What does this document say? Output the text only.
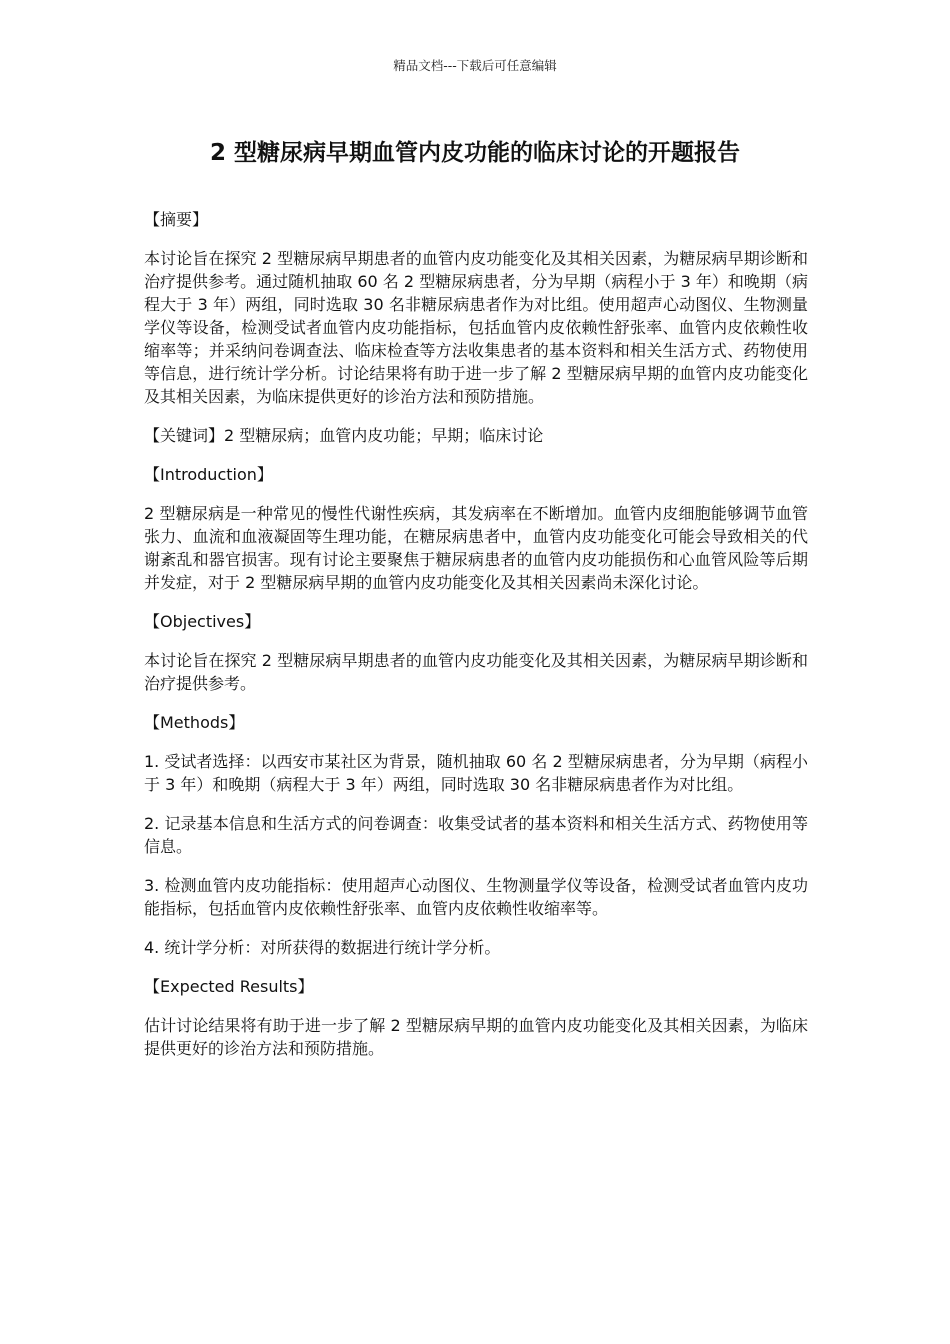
精品文档---下载后可任意编辑
2 型糖尿病早期血管内皮功能的临床讨论的开题报告

【摘要】

本讨论旨在探究 2 型糖尿病早期患者的血管内皮功能变化及其相关因素，为糖尿病早期诊断和治疗提供参考。通过随机抽取 60 名 2 型糖尿病患者，分为早期（病程小于 3 年）和晚期（病程大于 3 年）两组，同时选取 30 名非糖尿病患者作为对比组。使用超声心动图仪、生物测量学仪等设备，检测受试者血管内皮功能指标，包括血管内皮依赖性舒张率、血管内皮依赖性收缩率等；并采纳问卷调查法、临床检查等方法收集患者的基本资料和相关生活方式、药物使用等信息，进行统计学分析。讨论结果将有助于进一步了解 2 型糖尿病早期的血管内皮功能变化及其相关因素，为临床提供更好的诊治方法和预防措施。

【关键词】2 型糖尿病；血管内皮功能；早期；临床讨论

【Introduction】

2 型糖尿病是一种常见的慢性代谢性疾病，其发病率在不断增加。血管内皮细胞能够调节血管张力、血流和血液凝固等生理功能，在糖尿病患者中，血管内皮功能变化可能会导致相关的代谢紊乱和器官损害。现有讨论主要聚焦于糖尿病患者的血管内皮功能损伤和心血管风险等后期并发症，对于 2 型糖尿病早期的血管内皮功能变化及其相关因素尚未深化讨论。

【Objectives】

本讨论旨在探究 2 型糖尿病早期患者的血管内皮功能变化及其相关因素，为糖尿病早期诊断和治疗提供参考。

【Methods】

1. 受试者选择：以西安市某社区为背景，随机抽取 60 名 2 型糖尿病患者，分为早期（病程小于 3 年）和晚期（病程大于 3 年）两组，同时选取 30 名非糖尿病患者作为对比组。

2. 记录基本信息和生活方式的问卷调查：收集受试者的基本资料和相关生活方式、药物使用等信息。

3. 检测血管内皮功能指标：使用超声心动图仪、生物测量学仪等设备，检测受试者血管内皮功能指标，包括血管内皮依赖性舒张率、血管内皮依赖性收缩率等。

4. 统计学分析：对所获得的数据进行统计学分析。

【Expected Results】

估计讨论结果将有助于进一步了解 2 型糖尿病早期的血管内皮功能变化及其相关因素，为临床提供更好的诊治方法和预防措施。
